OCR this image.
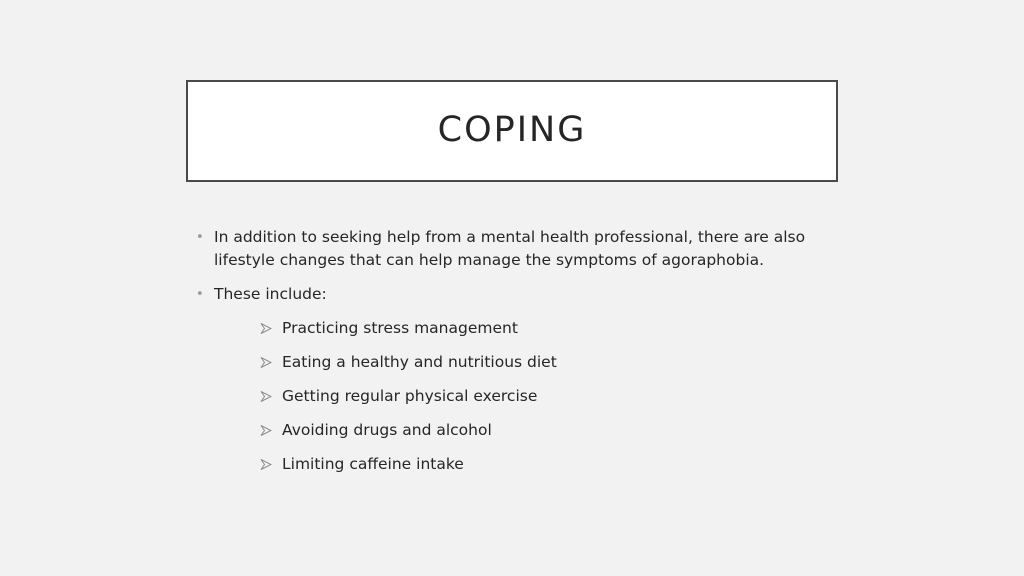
COPING
• In addition to seeking help from a mental health professional, there are also lifestyle changes that can help manage the symptoms of agoraphobia.
• These include:
Practicing stress management
Eating a healthy and nutritious diet
Getting regular physical exercise
Avoiding drugs and alcohol
Limiting caffeine intake
